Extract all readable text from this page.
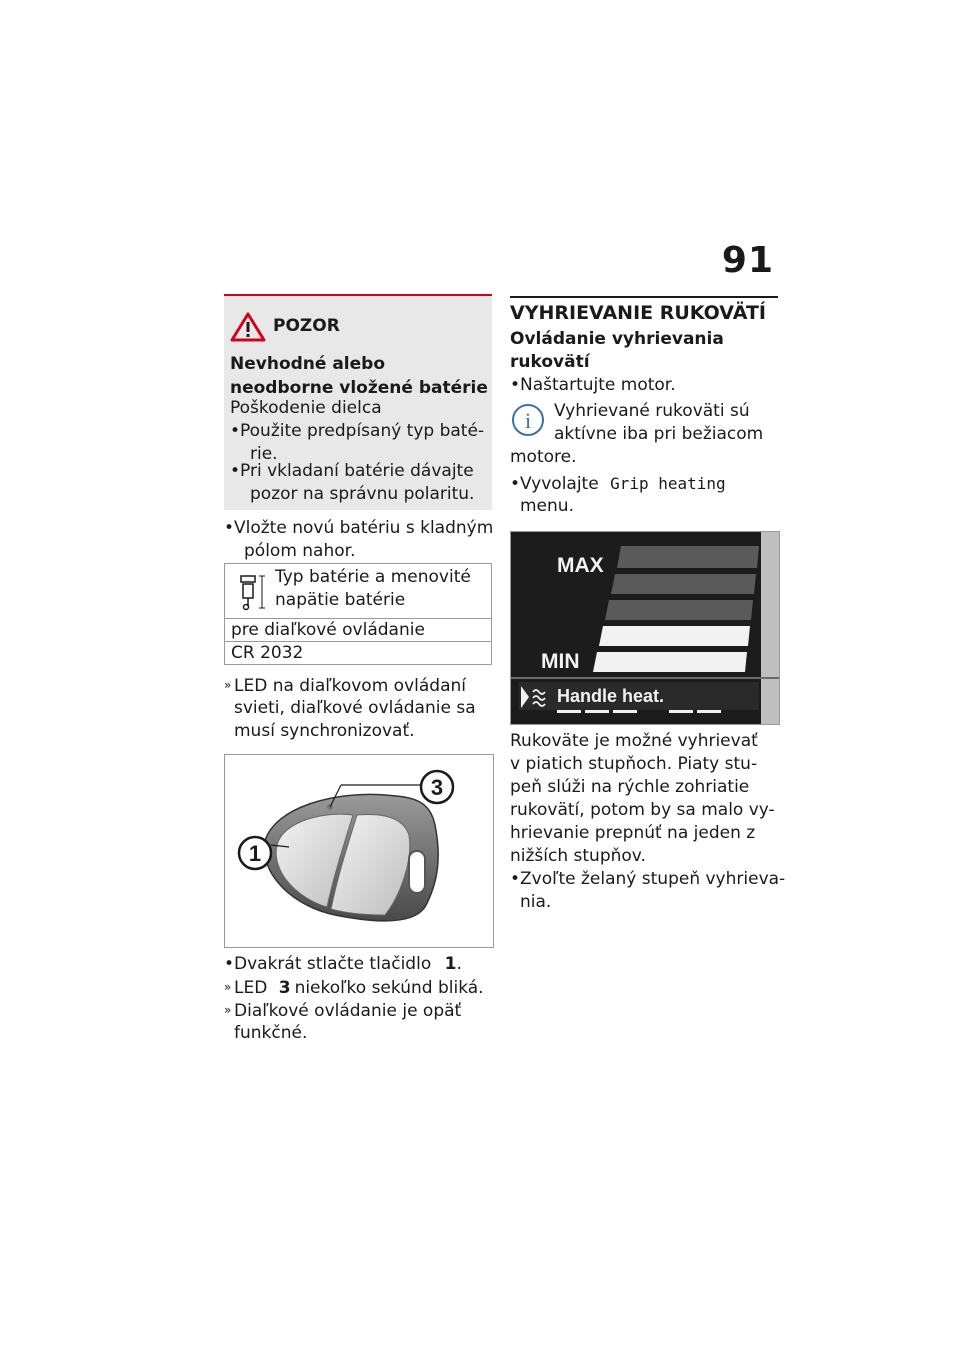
91
POZOR
Nevhodné alebo neodborne vložené batérie
Poškodenie dielca
•Použite predpísaný typ baté-
rie.
•Pri vkladaní batérie dávajte
pozor na správnu polaritu.
•Vložte novú batériu s kladným
pólom nahor.
Typ batérie a menovité
napätie batérie

pre diaľkové ovládanie
CR 2032
» LED na diaľkovom ovládaní
svieti, diaľkové ovládanie sa
musí synchronizovať.
3
1
•Dvakrát stlačte tlačidlo 1.
» LED 3 niekoľko sekúnd bliká.
» Diaľkové ovládanie je opäť
funkčné.
VYHRIEVANIE RUKOVÄTÍ
Ovládanie vyhrievania
rukovätí
•Naštartujte motor.
i Vyhrievané rukoväti sú
aktívne iba pri bežiacom
motore.
•Vyvolajte Grip heating
menu.
MAX
MIN
Handle heat.
Rukoväte je možné vyhrievať
v piatich stupňoch. Piaty stu-
peň slúži na rýchle zohriatie
rukovätí, potom by sa malo vy-
hrievanie prepnúť na jeden z
nižších stupňov.
•Zvoľte želaný stupeň vyhrieva-
nia.
